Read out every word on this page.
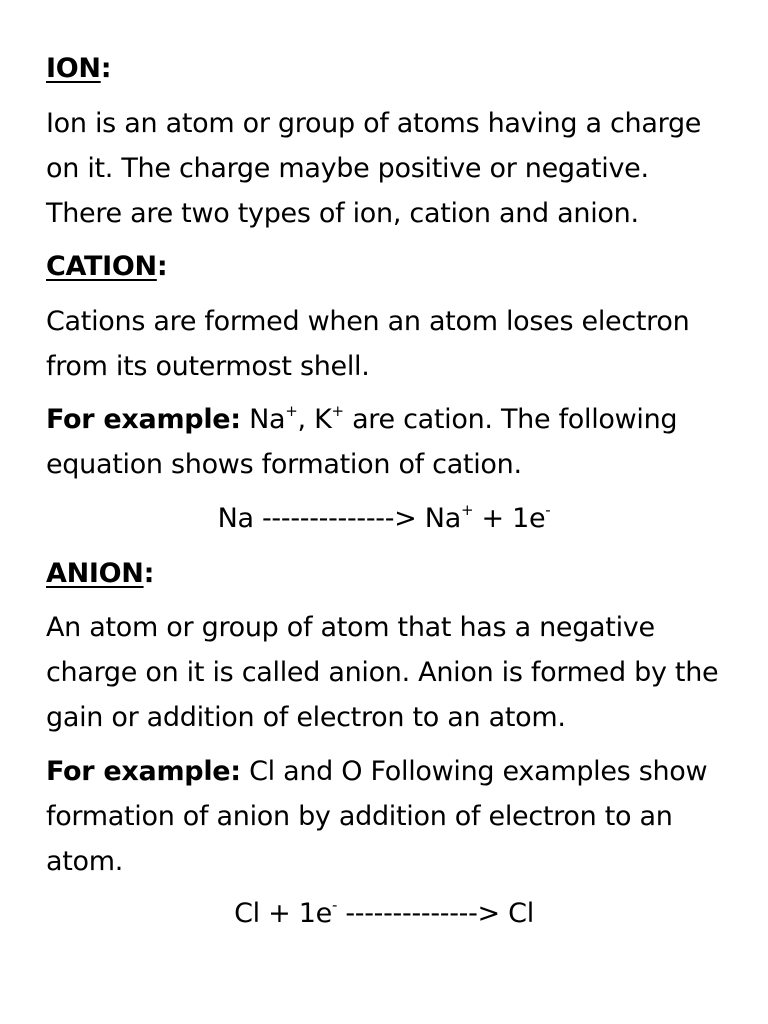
ION:
Ion is an atom or group of atoms having a charge
on it. The charge maybe positive or negative.
There are two types of ion, cation and anion.
CATION:
Cations are formed when an atom loses electron
from its outermost shell.
For example: Na+, K+ are cation. The following
equation shows formation of cation.
Na --------------> Na+ + 1e-
ANION:
An atom or group of atom that has a negative
charge on it is called anion. Anion is formed by the
gain or addition of electron to an atom.
For example: Cl and O Following examples show
formation of anion by addition of electron to an
atom.
Cl + 1e- --------------> Cl
